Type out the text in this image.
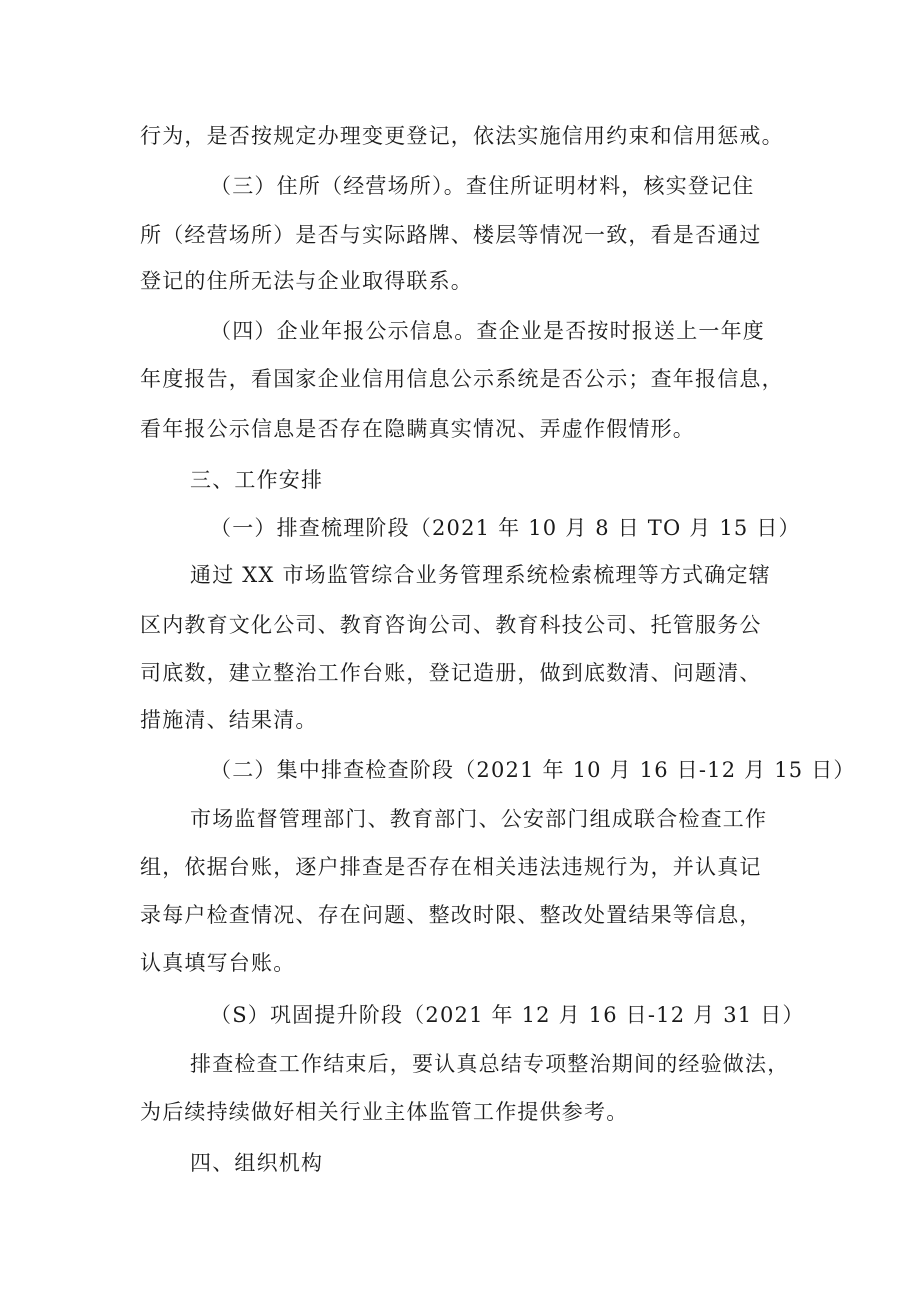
行为，是否按规定办理变更登记，依法实施信用约束和信用惩戒。
（三）住所（经营场所）。查住所证明材料，核实登记住
所（经营场所）是否与实际路牌、楼层等情况一致，看是否通过
登记的住所无法与企业取得联系。
（四）企业年报公示信息。查企业是否按时报送上一年度
年度报告，看国家企业信用信息公示系统是否公示；查年报信息，
看年报公示信息是否存在隐瞒真实情况、弄虚作假情形。
三、工作安排
（一）排查梳理阶段（2021 年 10 月 8 日 TO 月 15 日）
通过 XX 市场监管综合业务管理系统检索梳理等方式确定辖
区内教育文化公司、教育咨询公司、教育科技公司、托管服务公
司底数，建立整治工作台账，登记造册，做到底数清、问题清、
措施清、结果清。
（二）集中排查检查阶段（2021 年 10 月 16 日-12 月 15 日）
市场监督管理部门、教育部门、公安部门组成联合检查工作
组，依据台账，逐户排查是否存在相关违法违规行为，并认真记
录每户检查情况、存在问题、整改时限、整改处置结果等信息，
认真填写台账。
（S）巩固提升阶段（2021 年 12 月 16 日-12 月 31 日）
排查检查工作结束后，要认真总结专项整治期间的经验做法，
为后续持续做好相关行业主体监管工作提供参考。
四、组织机构
